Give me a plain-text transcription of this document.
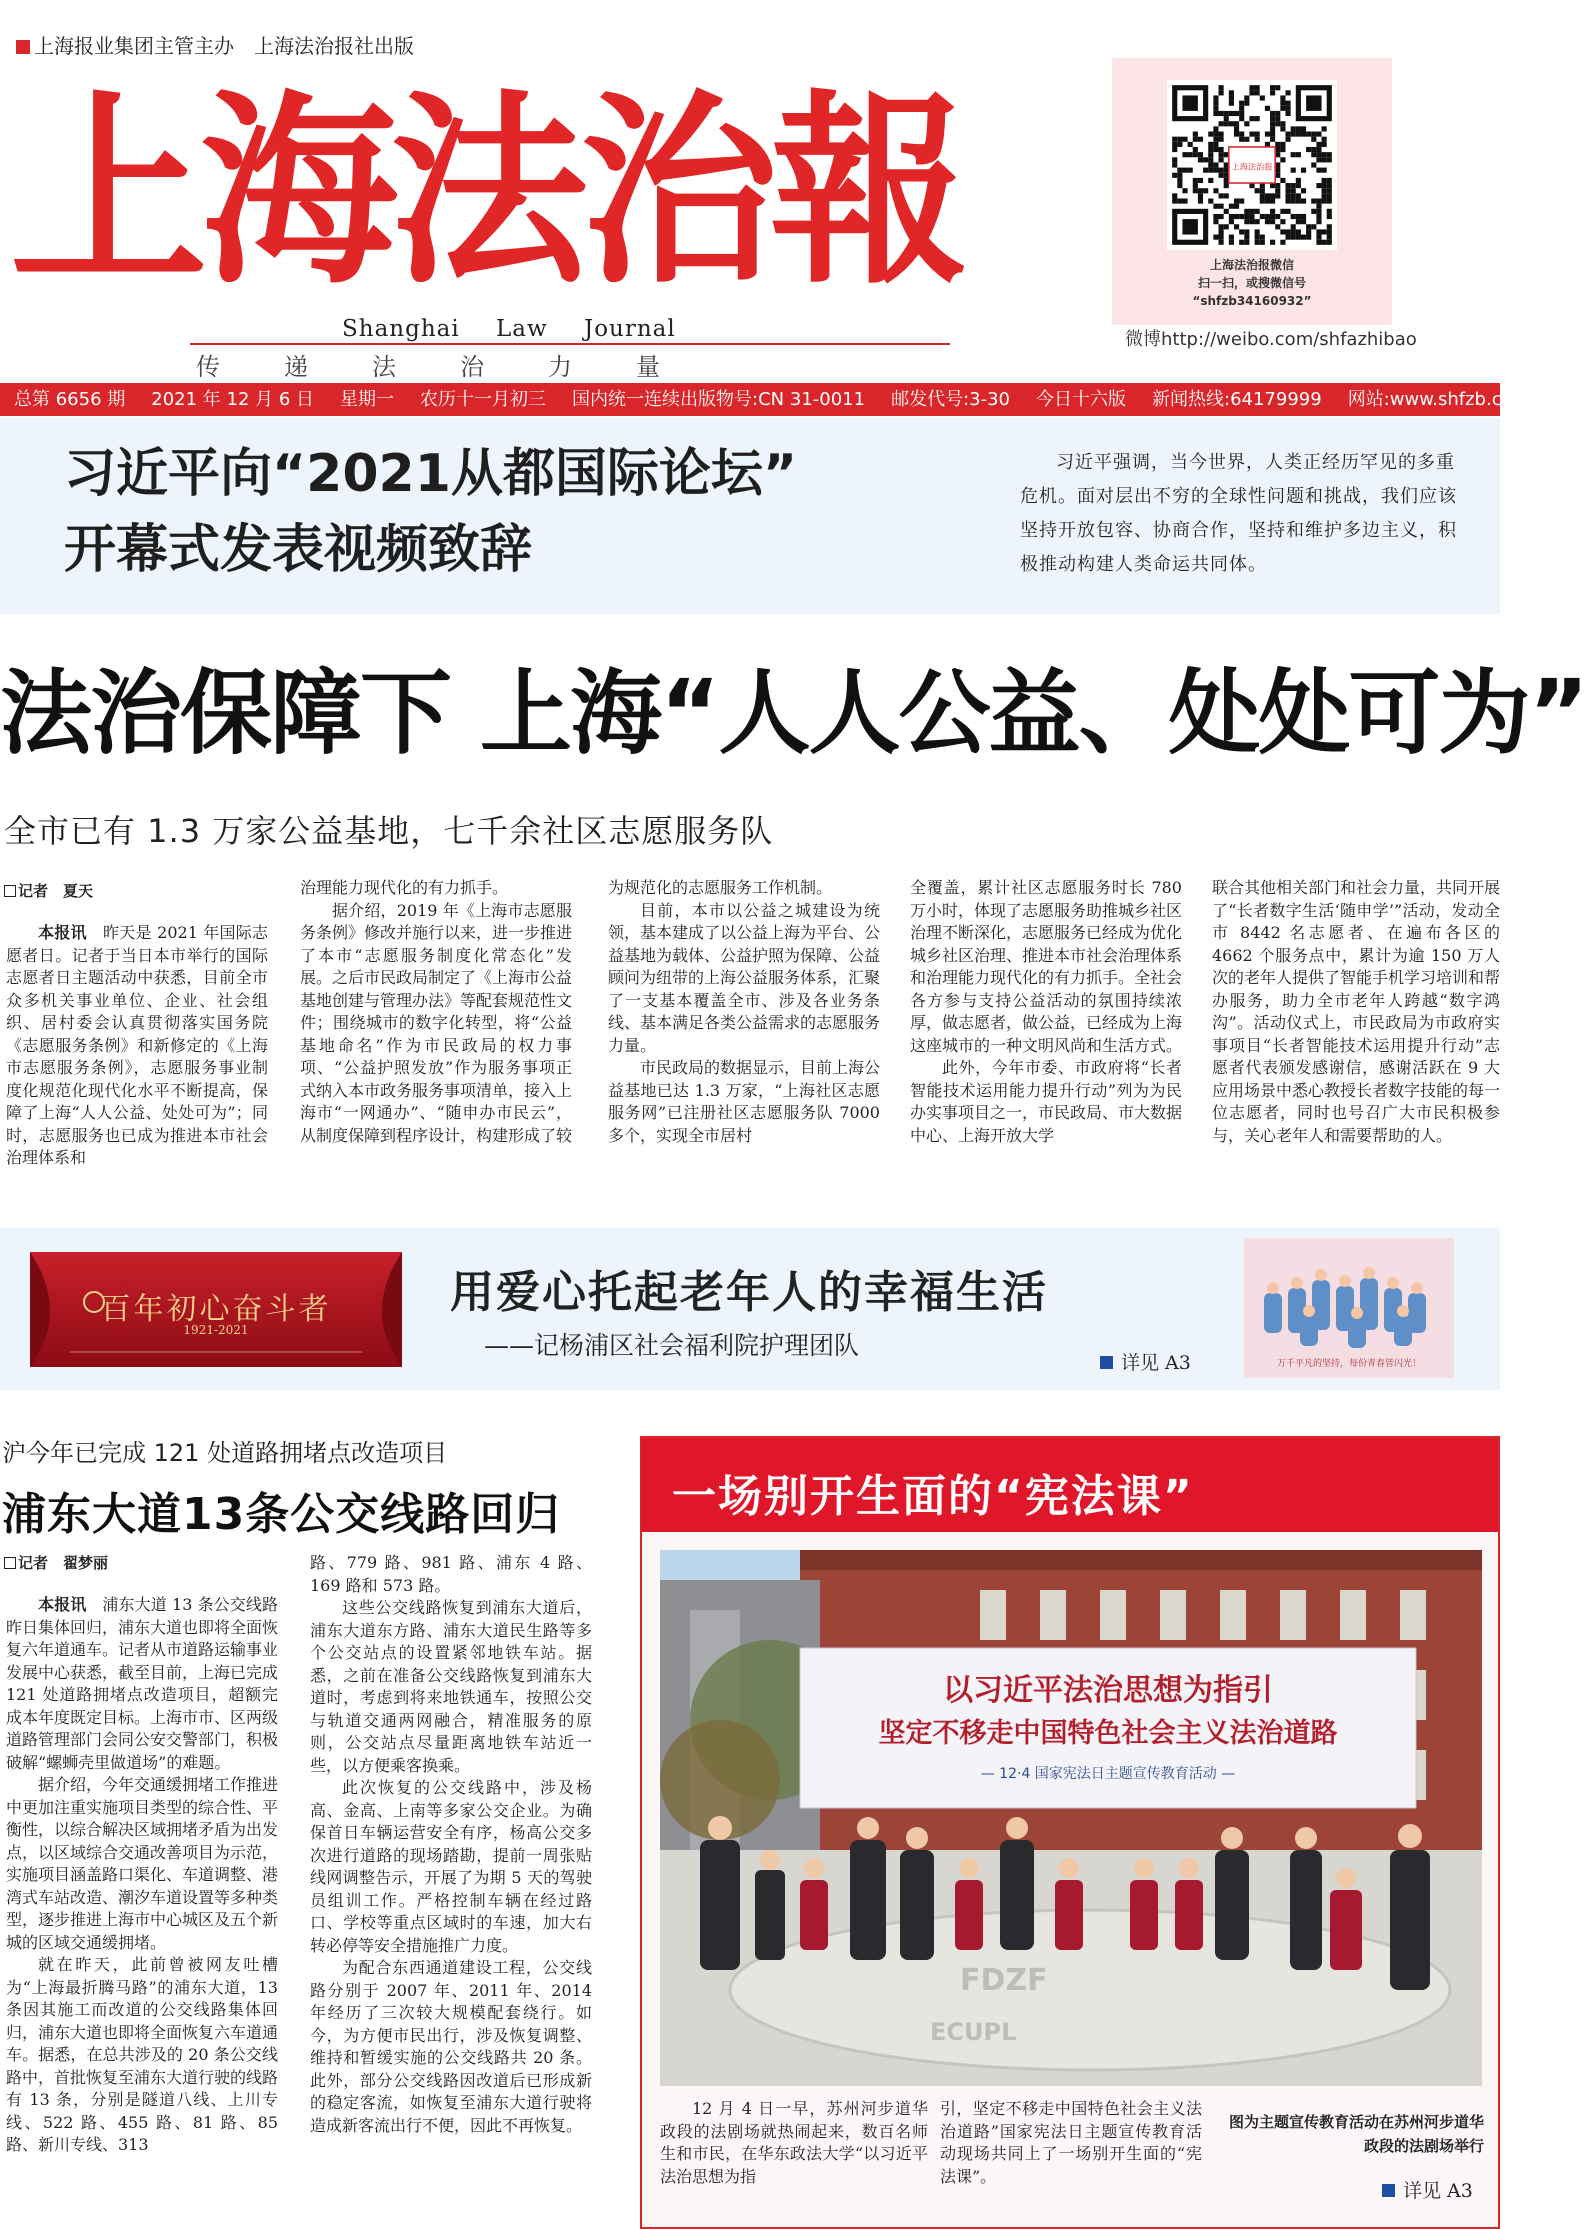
上海报业集团主管主办　上海法治报社出版
上海法治報
Shanghai Law Journal
传递法治力量
上海法治报
上海法治报微信
扫一扫，或搜微信号
“shfzb34160932”
微博http://weibo.com/shfazhibao
总第 6656 期 2021 年 12 月 6 日 星期一 农历十一月初三 国内统一连续出版物号:CN 31-0011 邮发代号:3-30 今日十六版 新闻热线:64179999 网站:www.shfzb.com.cn
习近平向“2021从都国际论坛”
开幕式发表视频致辞
习近平强调，当今世界，人类正经历罕见的多重危机。面对层出不穷的全球性问题和挑战，我们应该坚持开放包容、协商合作，坚持和维护多边主义，积极推动构建人类命运共同体。
法治保障下 上海“人人公益、处处可为”
全市已有 1.3 万家公益基地，七千余社区志愿服务队
记者　夏天

本报讯　昨天是 2021 年国际志愿者日。记者于当日本市举行的国际志愿者日主题活动中获悉，目前全市众多机关事业单位、企业、社会组织、居村委会认真贯彻落实国务院《志愿服务条例》和新修定的《上海市志愿服务条例》，志愿服务事业制度化规范化现代化水平不断提高，保障了上海“人人公益、处处可为”；同时，志愿服务也已成为推进本市社会治理体系和

治理能力现代化的有力抓手。

据介绍，2019 年《上海市志愿服务条例》修改并施行以来，进一步推进了本市“志愿服务制度化常态化”发展。之后市民政局制定了《上海市公益基地创建与管理办法》等配套规范性文件；围绕城市的数字化转型，将“公益基地命名”作为市民政局的权力事项、“公益护照发放”作为服务事项正式纳入本市政务服务事项清单，接入上海市“一网通办”、“随申办市民云”，从制度保障到程序设计，构建形成了较

为规范化的志愿服务工作机制。

目前，本市以公益之城建设为统领，基本建成了以公益上海为平台、公益基地为载体、公益护照为保障、公益顾问为纽带的上海公益服务体系，汇聚了一支基本覆盖全市、涉及各业务条线、基本满足各类公益需求的志愿服务力量。

市民政局的数据显示，目前上海公益基地已达 1.3 万家，“上海社区志愿服务网”已注册社区志愿服务队 7000 多个，实现全市居村

全覆盖，累计社区志愿服务时长 780 万小时，体现了志愿服务助推城乡社区治理不断深化，志愿服务已经成为优化城乡社区治理、推进本市社会治理体系和治理能力现代化的有力抓手。全社会各方参与支持公益活动的氛围持续浓厚，做志愿者，做公益，已经成为上海这座城市的一种文明风尚和生活方式。

此外，今年市委、市政府将“长者智能技术运用能力提升行动”列为为民办实事项目之一，市民政局、市大数据中心、上海开放大学

联合其他相关部门和社会力量，共同开展了“长者数字生活‘随申学’”活动，发动全市 8442 名志愿者、在遍布各区的 4662 个服务点中，累计为逾 150 万人次的老年人提供了智能手机学习培训和帮办服务，助力全市老年人跨越“数字鸿沟”。活动仪式上，市民政局为市政府实事项目“长者智能技术运用提升行动”志愿者代表颁发感谢信，感谢活跃在 9 大应用场景中悉心教授长者数字技能的每一位志愿者，同时也号召广大市民积极参与，关心老年人和需要帮助的人。

百年初心奋斗者
1921-2021
用爱心托起老年人的幸福生活
——记杨浦区社会福利院护理团队
详见 A3	万千平凡的坚持，每份青春皆闪光！
沪今年已完成 121 处道路拥堵点改造项目
浦东大道13条公交线路回归
记者　翟梦丽

本报讯　浦东大道 13 条公交线路昨日集体回归，浦东大道也即将全面恢复六年道通车。记者从市道路运输事业发展中心获悉，截至目前，上海已完成 121 处道路拥堵点改造项目，超额完成本年度既定目标。上海市市、区两级道路管理部门会同公安交警部门，积极破解“螺蛳壳里做道场”的难题。

据介绍，今年交通缓拥堵工作推进中更加注重实施项目类型的综合性、平衡性，以综合解决区域拥堵矛盾为出发点，以区域综合交通改善项目为示范，实施项目涵盖路口渠化、车道调整、港湾式车站改造、潮汐车道设置等多种类型，逐步推进上海市中心城区及五个新城的区域交通缓拥堵。

就在昨天，此前曾被网友吐槽为“上海最折腾马路”的浦东大道，13 条因其施工而改道的公交线路集体回归，浦东大道也即将全面恢复六车道通车。据悉，在总共涉及的 20 条公交线路中，首批恢复至浦东大道行驶的线路有 13 条，分别是隧道八线、上川专线、522 路、455 路、81 路、85 路、新川专线、313

路、779 路、981 路、浦东 4 路、169 路和 573 路。

这些公交线路恢复到浦东大道后，浦东大道东方路、浦东大道民生路等多个公交站点的设置紧邻地铁车站。据悉，之前在准备公交线路恢复到浦东大道时，考虑到将来地铁通车，按照公交与轨道交通两网融合，精准服务的原则，公交站点尽量距离地铁车站近一些，以方便乘客换乘。

此次恢复的公交线路中，涉及杨高、金高、上南等多家公交企业。为确保首日车辆运营安全有序，杨高公交多次进行道路的现场踏勘，提前一周张贴线网调整告示，开展了为期 5 天的驾驶员组训工作。严格控制车辆在经过路口、学校等重点区域时的车速，加大右转必停等安全措施推广力度。

为配合东西通道建设工程，公交线路分别于 2007 年、2011 年、2014 年经历了三次较大规模配套绕行。如今，为方便市民出行，涉及恢复调整、维持和暂缓实施的公交线路共 20 条。此外，部分公交线路因改道后已形成新的稳定客流，如恢复至浦东大道行驶将造成新客流出行不便，因此不再恢复。

一场别开生面的“宪法课”
以习近平法治思想为指引
坚定不移走中国特色社会主义法治道路
— 12·4 国家宪法日主题宣传教育活动 —
FDZF
ECUPL

12 月 4 日一早，苏州河步道华政段的法剧场就热闹起来，数百名师生和市民，在华东政法大学“以习近平法治思想为指

引，坚定不移走中国特色社会主义法治道路”国家宪法日主题宣传教育活动现场共同上了一场别开生面的“宪法课”。

图为主题宣传教育活动在苏州河步道华政段的法剧场举行
详见 A3
